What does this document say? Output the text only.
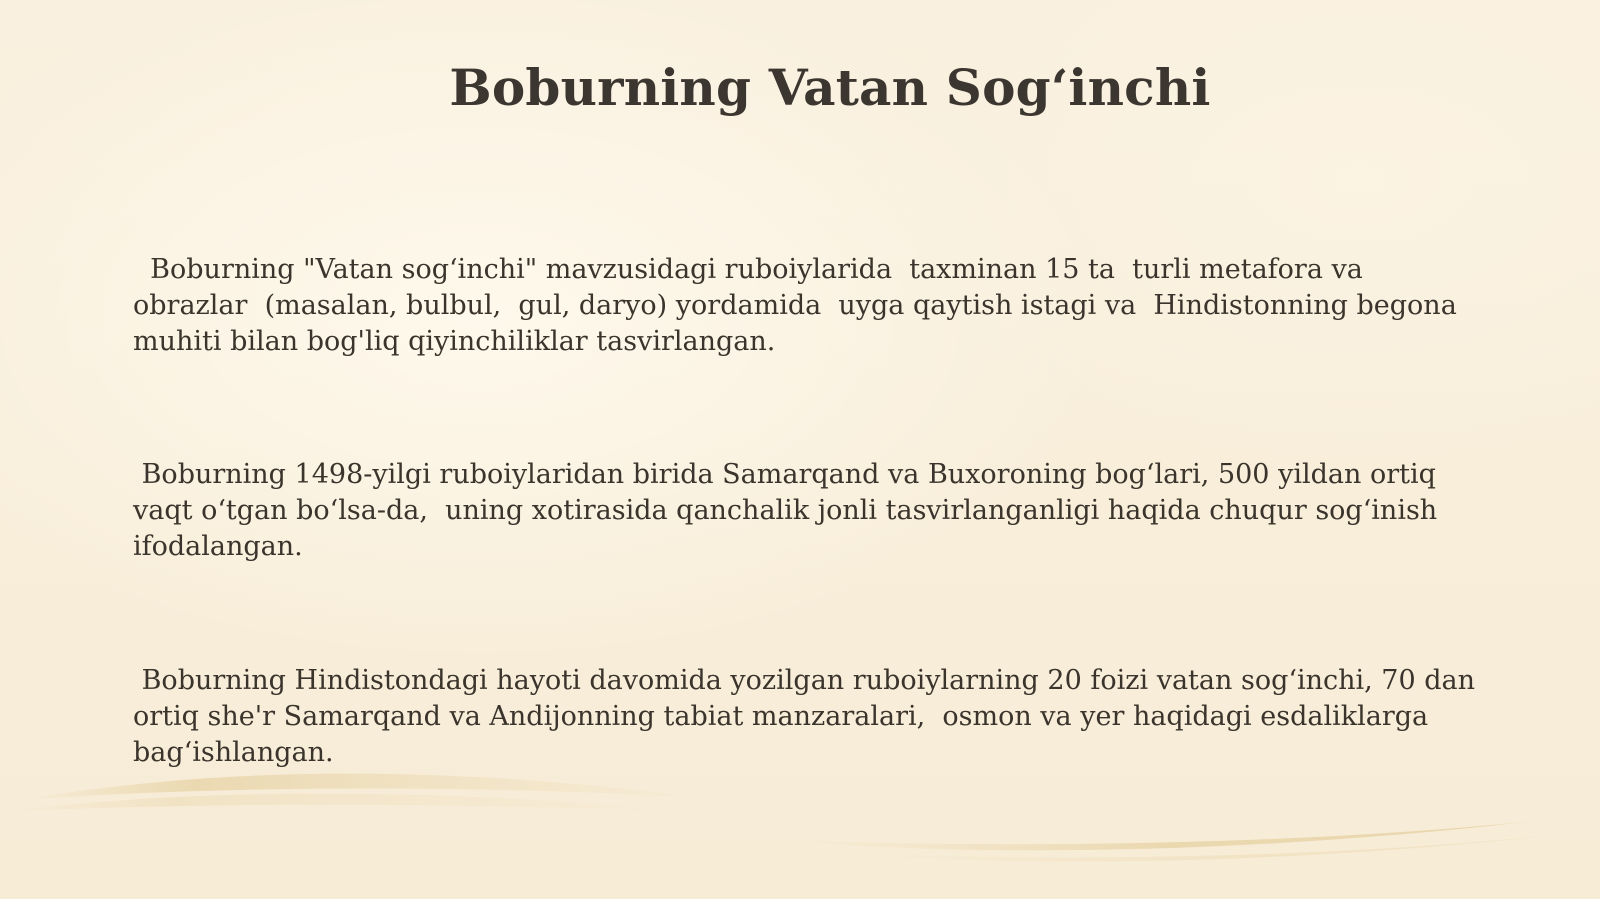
Boburning Vatan Sog‘inchi

Boburning "Vatan sog‘inchi" mavzusidagi ruboiylarida  taxminan 15 ta  turli metafora va obrazlar  (masalan, bulbul,  gul, daryo) yordamida  uyga qaytish istagi va  Hindistonning begona muhiti bilan bog'liq qiyinchiliklar tasvirlangan.

Boburning 1498-yilgi ruboiylaridan birida Samarqand va Buxoroning bog‘lari, 500 yildan ortiq vaqt o‘tgan bo‘lsa-da,  uning xotirasida qanchalik jonli tasvirlanganligi haqida chuqur sog‘inish ifodalangan.

Boburning Hindistondagi hayoti davomida yozilgan ruboiylarning 20 foizi vatan sog‘inchi, 70 dan ortiq she'r Samarqand va Andijonning tabiat manzaralari,  osmon va yer haqidagi esdaliklarga bag‘ishlangan.
